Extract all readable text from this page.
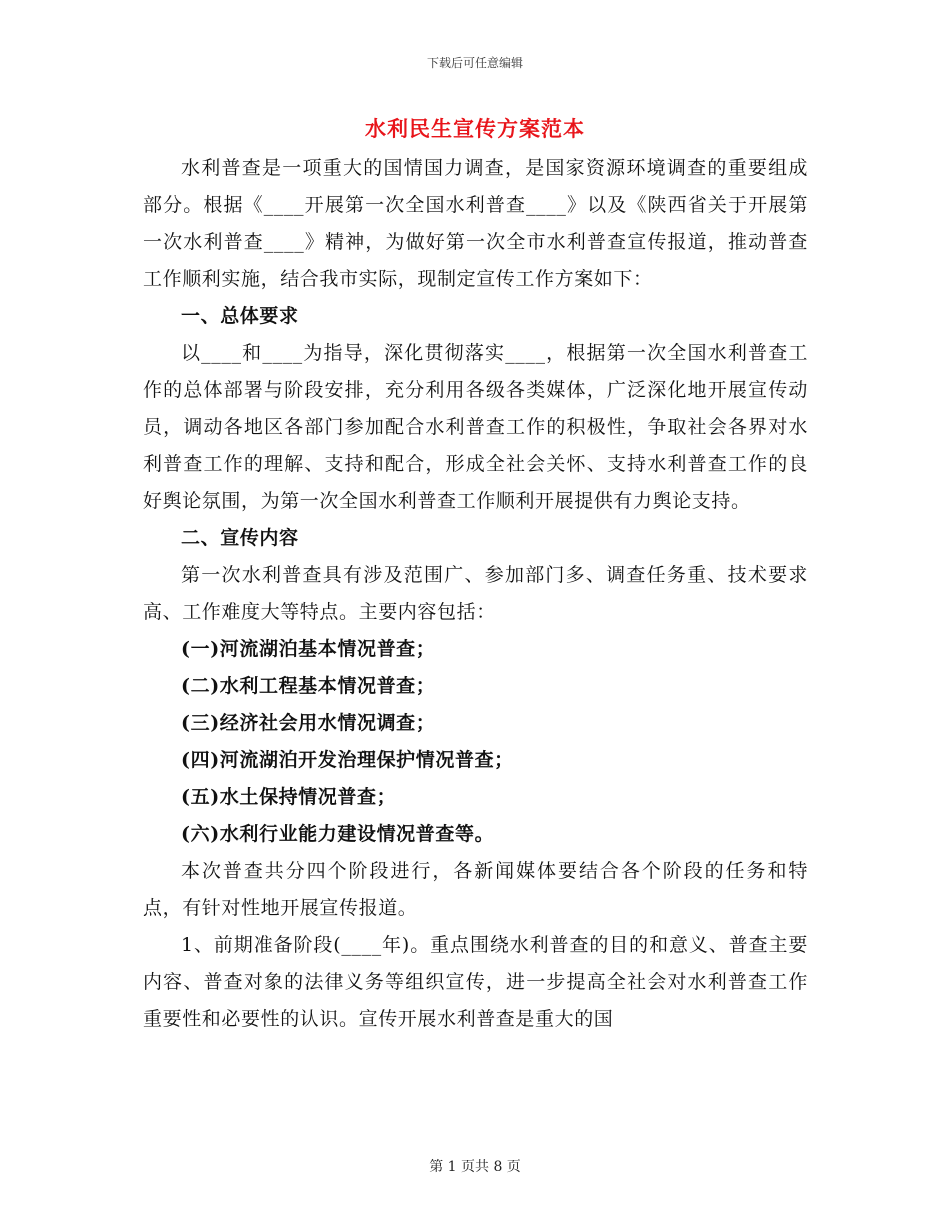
下载后可任意编辑
水利民生宣传方案范本

水利普查是一项重大的国情国力调查，是国家资源环境调查的重要组成部分。根据《____开展第一次全国水利普查____》以及《陕西省关于开展第一次水利普查____》精神，为做好第一次全市水利普查宣传报道，推动普查工作顺利实施，结合我市实际，现制定宣传工作方案如下：

一、总体要求

以____和____为指导，深化贯彻落实____，根据第一次全国水利普查工作的总体部署与阶段安排，充分利用各级各类媒体，广泛深化地开展宣传动员，调动各地区各部门参加配合水利普查工作的积极性，争取社会各界对水利普查工作的理解、支持和配合，形成全社会关怀、支持水利普查工作的良好舆论氛围，为第一次全国水利普查工作顺利开展提供有力舆论支持。

二、宣传内容

第一次水利普查具有涉及范围广、参加部门多、调查任务重、技术要求高、工作难度大等特点。主要内容包括：

(一)河流湖泊基本情况普查；

(二)水利工程基本情况普查；

(三)经济社会用水情况调查；

(四)河流湖泊开发治理保护情况普查；

(五)水土保持情况普查；

(六)水利行业能力建设情况普查等。

本次普查共分四个阶段进行，各新闻媒体要结合各个阶段的任务和特点，有针对性地开展宣传报道。

1、前期准备阶段(____年)。重点围绕水利普查的目的和意义、普查主要内容、普查对象的法律义务等组织宣传，进一步提高全社会对水利普查工作重要性和必要性的认识。宣传开展水利普查是重大的国

第 1 页共 8 页
